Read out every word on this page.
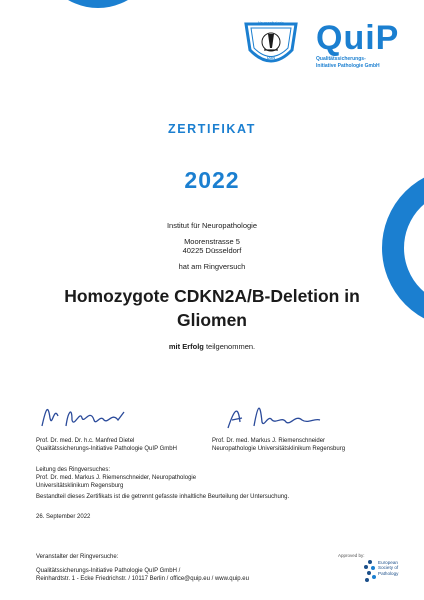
Neuropathologie
DGN
QuiP
Qualitätssicherungs-
Initiative Pathologie GmbH
ZERTIFIKAT
2022
Institut für Neuropathologie
Moorenstrasse 5
40225 Düsseldorf
hat am Ringversuch
Homozygote CDKN2A/B-Deletion in Gliomen
mit Erfolg teilgenommen.
Prof. Dr. med. Dr. h.c. Manfred Dietel
Qualitätssicherungs-Initiative Pathologie QuIP GmbH
Prof. Dr. med. Markus J. Riemenschneider
Neuropathologie Universitätsklinikum Regensburg
Leitung des Ringversuches:
Prof. Dr. med. Markus J. Riemenschneider, Neuropathologie
Universitätsklinikum Regensburg
Bestandteil dieses Zertifikats ist die getrennt gefasste inhaltliche Beurteilung der Untersuchung.
26. September 2022
Veranstalter der Ringversuche:
Qualitätssicherungs-Initiative Pathologie QuIP GmbH /
Reinhardtstr. 1 - Ecke Friedrichstr. / 10117 Berlin / office@quip.eu / www.quip.eu
Approved by:
European
Society of
Pathology
